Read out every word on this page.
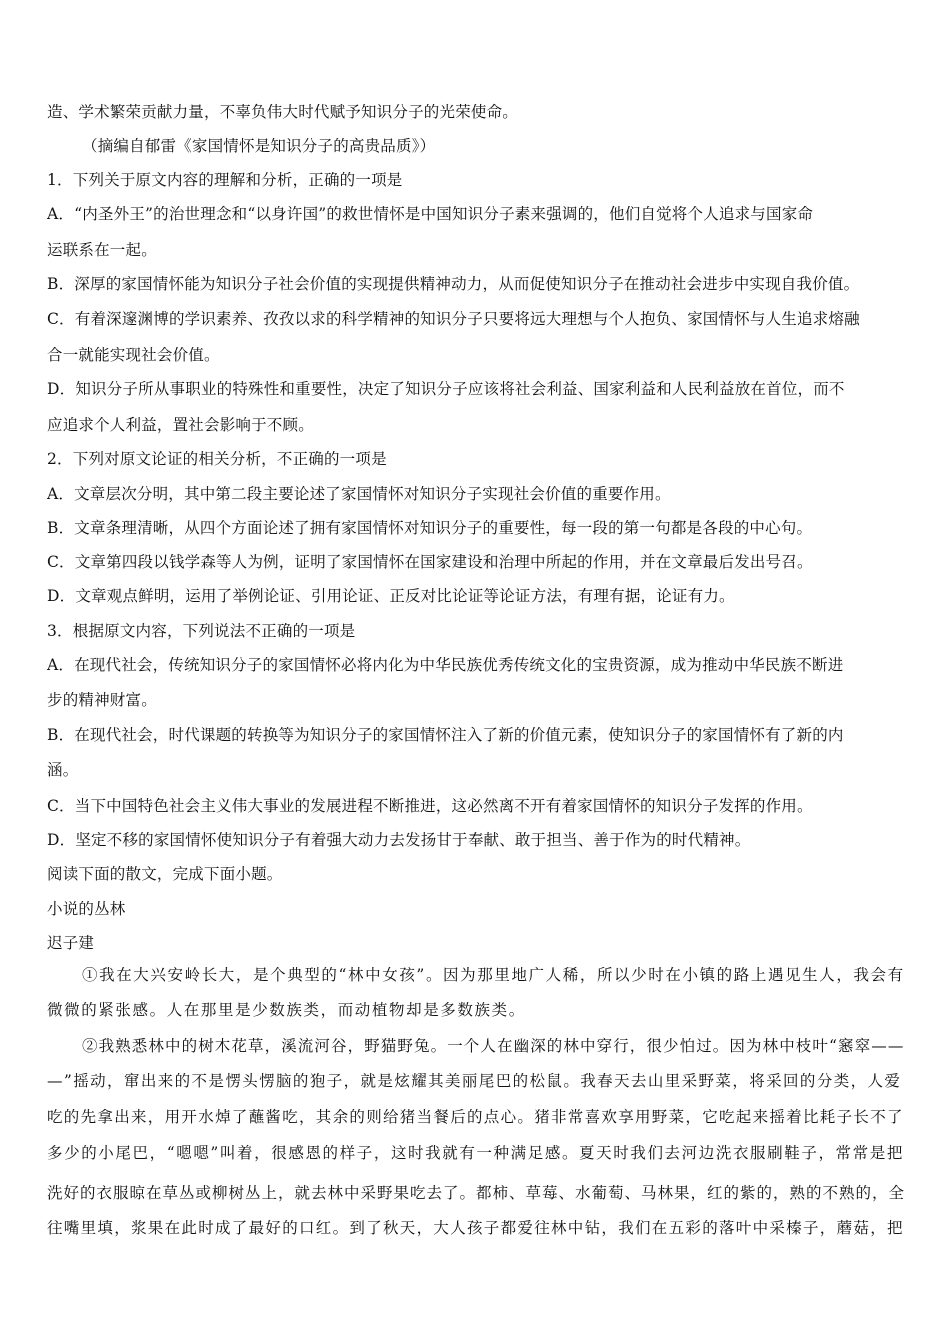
造、学术繁荣贡献力量，不辜负伟大时代赋予知识分子的光荣使命。
（摘编自郁雷《家国情怀是知识分子的高贵品质》）
1．下列关于原文内容的理解和分析，正确的一项是
A．“内圣外王”的治世理念和“以身许国”的救世情怀是中国知识分子素来强调的，他们自觉将个人追求与国家命
运联系在一起。
B．深厚的家国情怀能为知识分子社会价值的实现提供精神动力，从而促使知识分子在推动社会进步中实现自我价值。
C．有着深邃渊博的学识素养、孜孜以求的科学精神的知识分子只要将远大理想与个人抱负、家国情怀与人生追求熔融
合一就能实现社会价值。
D．知识分子所从事职业的特殊性和重要性，决定了知识分子应该将社会利益、国家利益和人民利益放在首位，而不
应追求个人利益，置社会影响于不顾。
2．下列对原文论证的相关分析，不正确的一项是
A．文章层次分明，其中第二段主要论述了家国情怀对知识分子实现社会价值的重要作用。
B．文章条理清晰，从四个方面论述了拥有家国情怀对知识分子的重要性，每一段的第一句都是各段的中心句。
C．文章第四段以钱学森等人为例，证明了家国情怀在国家建设和治理中所起的作用，并在文章最后发出号召。
D．文章观点鲜明，运用了举例论证、引用论证、正反对比论证等论证方法，有理有据，论证有力。
3．根据原文内容，下列说法不正确的一项是
A．在现代社会，传统知识分子的家国情怀必将内化为中华民族优秀传统文化的宝贵资源，成为推动中华民族不断进
步的精神财富。
B．在现代社会，时代课题的转换等为知识分子的家国情怀注入了新的价值元素，使知识分子的家国情怀有了新的内
涵。
C．当下中国特色社会主义伟大事业的发展进程不断推进，这必然离不开有着家国情怀的知识分子发挥的作用。
D．坚定不移的家国情怀使知识分子有着强大动力去发扬甘于奉献、敢于担当、善于作为的时代精神。
阅读下面的散文，完成下面小题。
小说的丛林
迟子建
①我在大兴安岭长大，是个典型的“林中女孩”。因为那里地广人稀，所以少时在小镇的路上遇见生人，我会有
微微的紧张感。人在那里是少数族类，而动植物却是多数族类。
②我熟悉林中的树木花草，溪流河谷，野猫野兔。一个人在幽深的林中穿行，很少怕过。因为林中枝叶“窸窣——
—”摇动，窜出来的不是愣头愣脑的狍子，就是炫耀其美丽尾巴的松鼠。我春天去山里采野菜，将采回的分类，人爱
吃的先拿出来，用开水焯了蘸酱吃，其余的则给猪当餐后的点心。猪非常喜欢享用野菜，它吃起来摇着比耗子长不了
多少的小尾巴，“嗯嗯”叫着，很感恩的样子，这时我就有一种满足感。夏天时我们去河边洗衣服刷鞋子，常常是把
洗好的衣服晾在草丛或柳树丛上，就去林中采野果吃去了。都柿、草莓、水葡萄、马林果，红的紫的，熟的不熟的，全
往嘴里填，浆果在此时成了最好的口红。到了秋天，大人孩子都爱往林中钻，我们在五彩的落叶中采榛子，蘑菇，把
